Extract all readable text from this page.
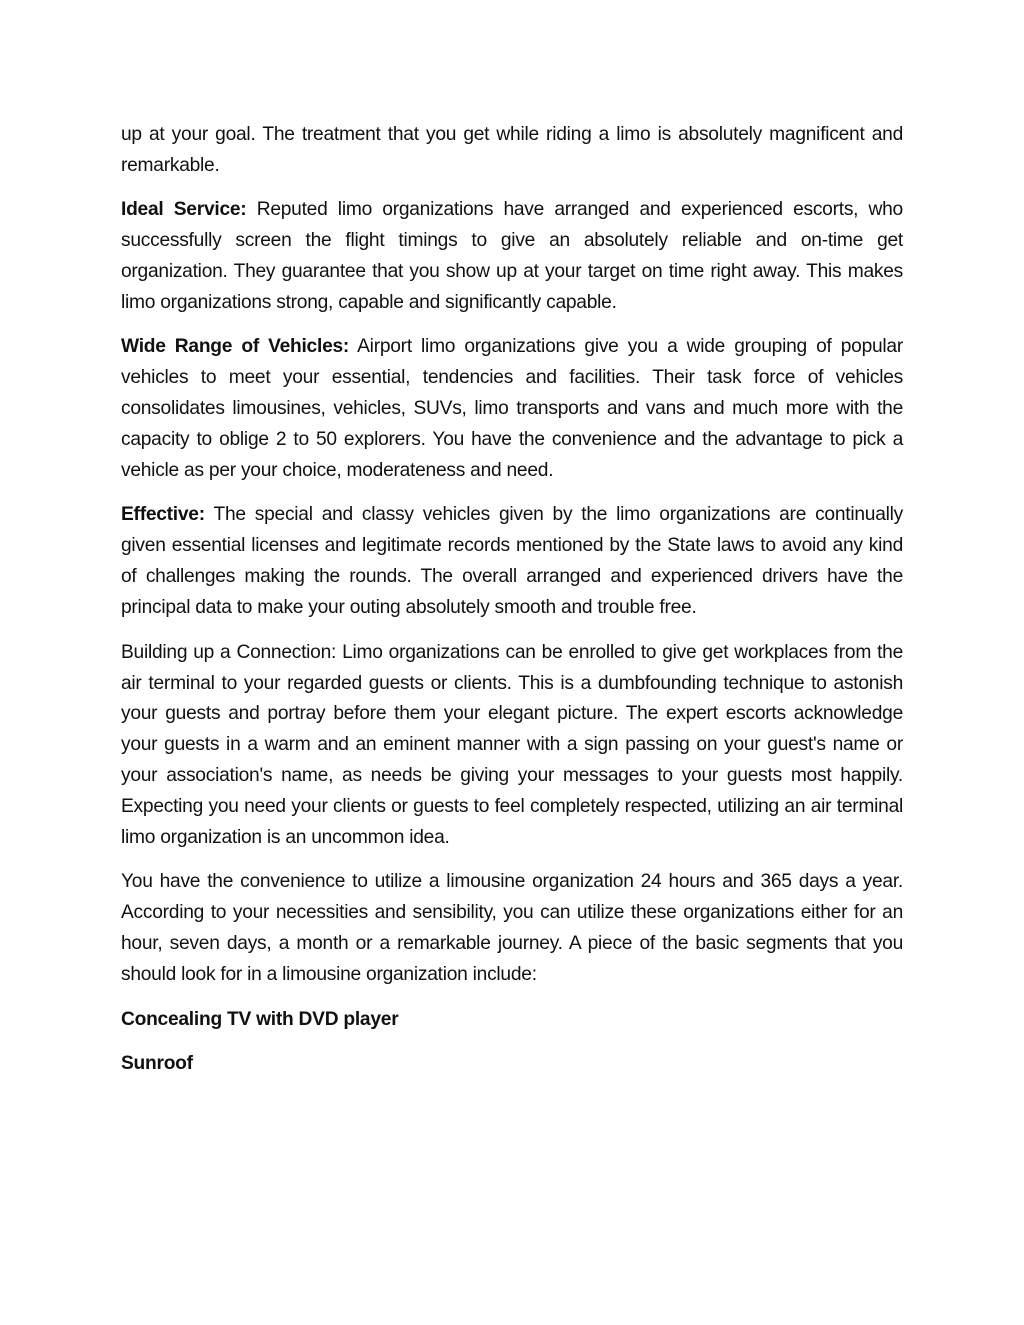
up at your goal. The treatment that you get while riding a limo is absolutely magnificent and remarkable.

Ideal Service: Reputed limo organizations have arranged and experienced escorts, who successfully screen the flight timings to give an absolutely reliable and on-time get organization. They guarantee that you show up at your target on time right away. This makes limo organizations strong, capable and significantly capable.

Wide Range of Vehicles: Airport limo organizations give you a wide grouping of popular vehicles to meet your essential, tendencies and facilities. Their task force of vehicles consolidates limousines, vehicles, SUVs, limo transports and vans and much more with the capacity to oblige 2 to 50 explorers. You have the convenience and the advantage to pick a vehicle as per your choice, moderateness and need.

Effective: The special and classy vehicles given by the limo organizations are continually given essential licenses and legitimate records mentioned by the State laws to avoid any kind of challenges making the rounds. The overall arranged and experienced drivers have the principal data to make your outing absolutely smooth and trouble free.

Building up a Connection: Limo organizations can be enrolled to give get workplaces from the air terminal to your regarded guests or clients. This is a dumbfounding technique to astonish your guests and portray before them your elegant picture. The expert escorts acknowledge your guests in a warm and an eminent manner with a sign passing on your guest's name or your association's name, as needs be giving your messages to your guests most happily. Expecting you need your clients or guests to feel completely respected, utilizing an air terminal limo organization is an uncommon idea.

You have the convenience to utilize a limousine organization 24 hours and 365 days a year. According to your necessities and sensibility, you can utilize these organizations either for an hour, seven days, a month or a remarkable journey. A piece of the basic segments that you should look for in a limousine organization include:

Concealing TV with DVD player

Sunroof
